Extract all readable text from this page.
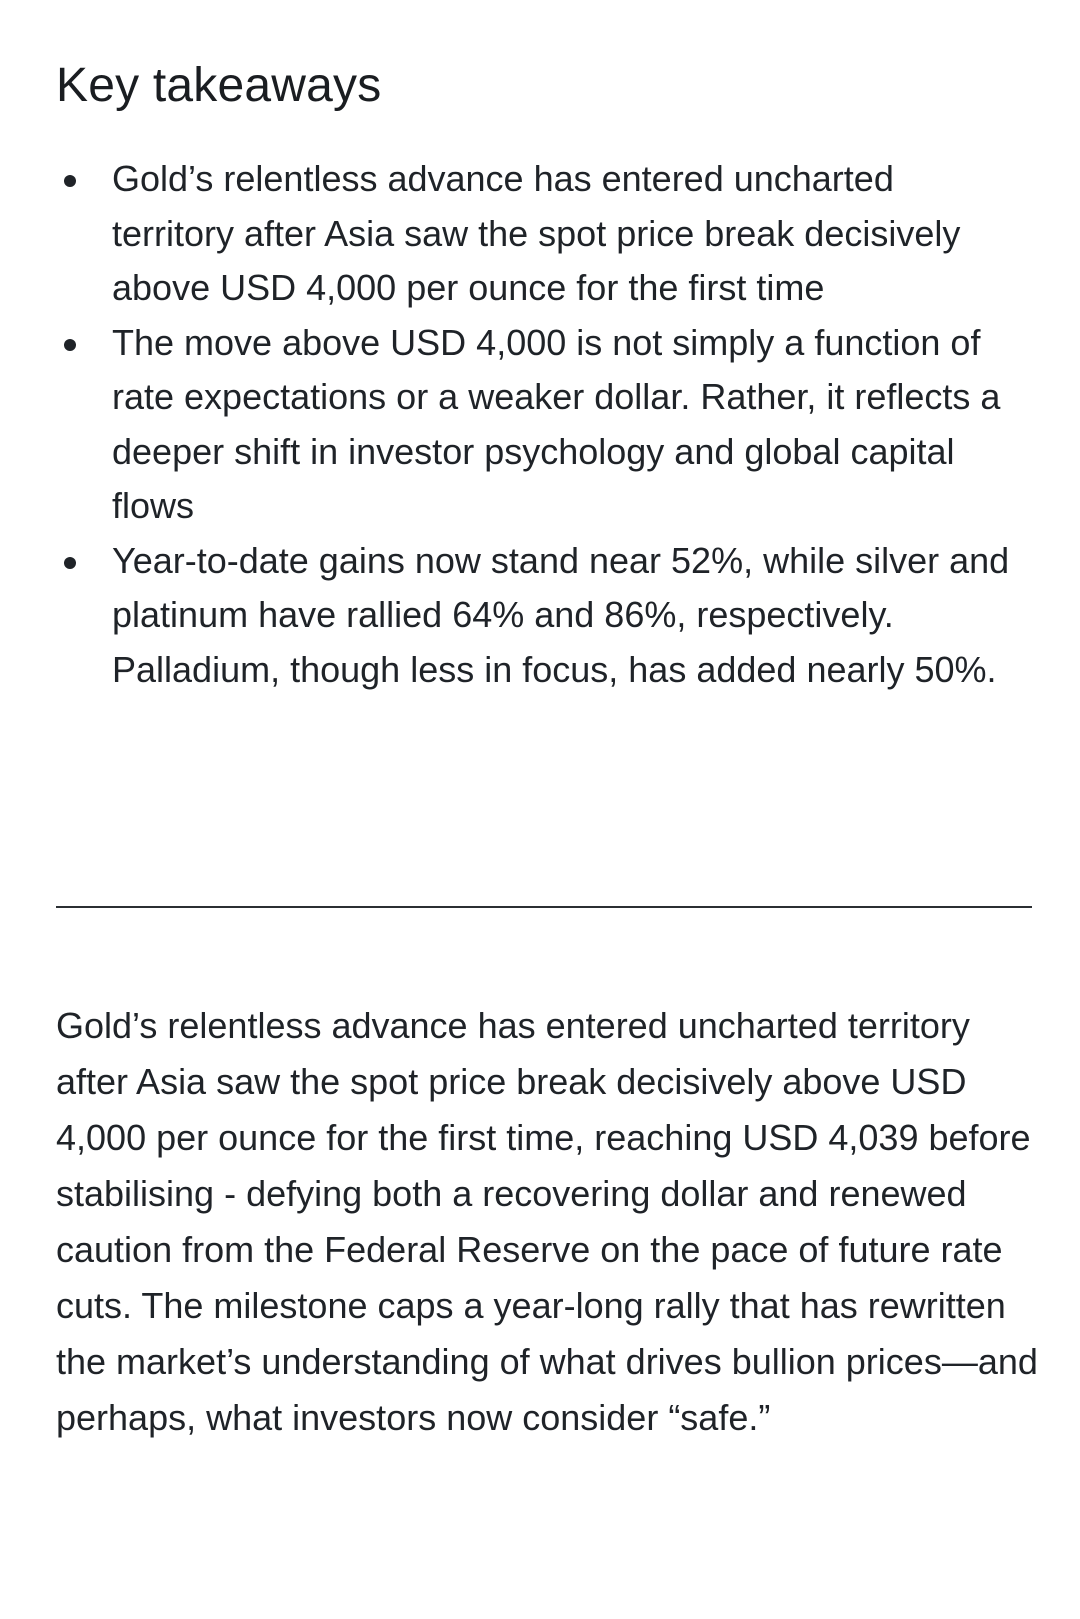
Key takeaways
Gold’s relentless advance has entered uncharted territory after Asia saw the spot price break decisively above USD 4,000 per ounce for the first time
The move above USD 4,000 is not simply a function of rate expectations or a weaker dollar. Rather, it reflects a deeper shift in investor psychology and global capital flows
Year-to-date gains now stand near 52%, while silver and platinum have rallied 64% and 86%, respectively. Palladium, though less in focus, has added nearly 50%.

Gold’s relentless advance has entered uncharted territory after Asia saw the spot price break decisively above USD 4,000 per ounce for the first time, reaching USD 4,039 before stabilising - defying both a recovering dollar and renewed caution from the Federal Reserve on the pace of future rate cuts. The milestone caps a year-long rally that has rewritten the market’s understanding of what drives bullion prices—and perhaps, what investors now consider “safe.”
